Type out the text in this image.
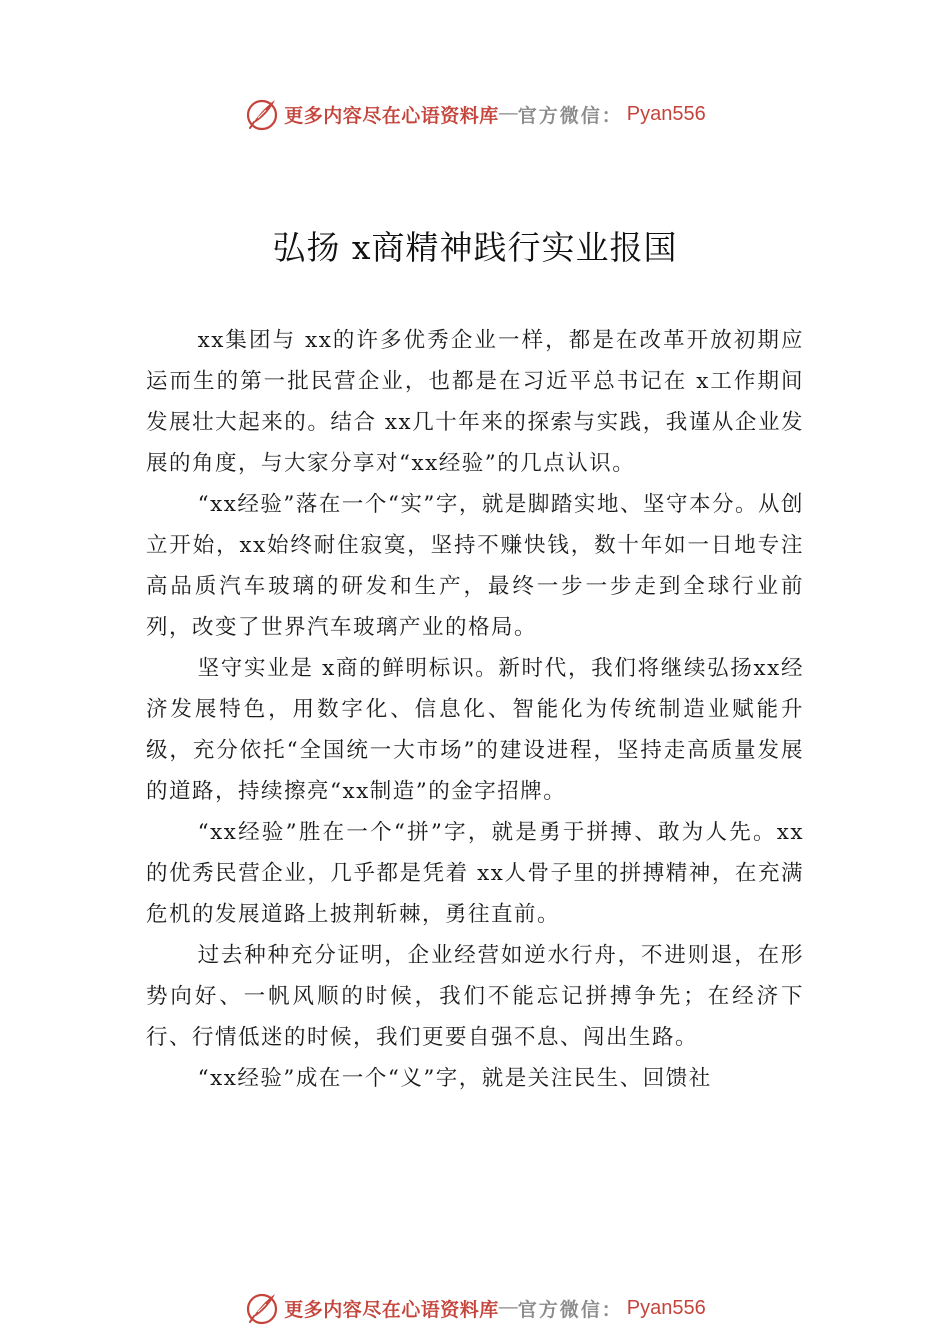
更多内容尽在心语资料库 — 官方微信： Pyan556
弘扬 x商精神践行实业报国

xx集团与 xx的许多优秀企业一样，都是在改革开放初期应运而生的第一批民营企业，也都是在习近平总书记在 x工作期间发展壮大起来的。结合 xx几十年来的探索与实践，我谨从企业发展的角度，与大家分享对“xx经验”的几点认识。

“xx经验”落在一个“实”字，就是脚踏实地、坚守本分。从创立开始，xx始终耐住寂寞，坚持不赚快钱，数十年如一日地专注高品质汽车玻璃的研发和生产，最终一步一步走到全球行业前列，改变了世界汽车玻璃产业的格局。

坚守实业是 x商的鲜明标识。新时代，我们将继续弘扬xx经济发展特色，用数字化、信息化、智能化为传统制造业赋能升级，充分依托“全国统一大市场”的建设进程，坚持走高质量发展的道路，持续擦亮“xx制造”的金字招牌。

“xx经验”胜在一个“拼”字，就是勇于拼搏、敢为人先。xx的优秀民营企业，几乎都是凭着 xx人骨子里的拼搏精神，在充满危机的发展道路上披荆斩棘，勇往直前。

过去种种充分证明，企业经营如逆水行舟，不进则退，在形势向好、一帆风顺的时候，我们不能忘记拼搏争先；在经济下行、行情低迷的时候，我们更要自强不息、闯出生路。

“xx经验”成在一个“义”字，就是关注民生、回馈社

更多内容尽在心语资料库 — 官方微信： Pyan556
